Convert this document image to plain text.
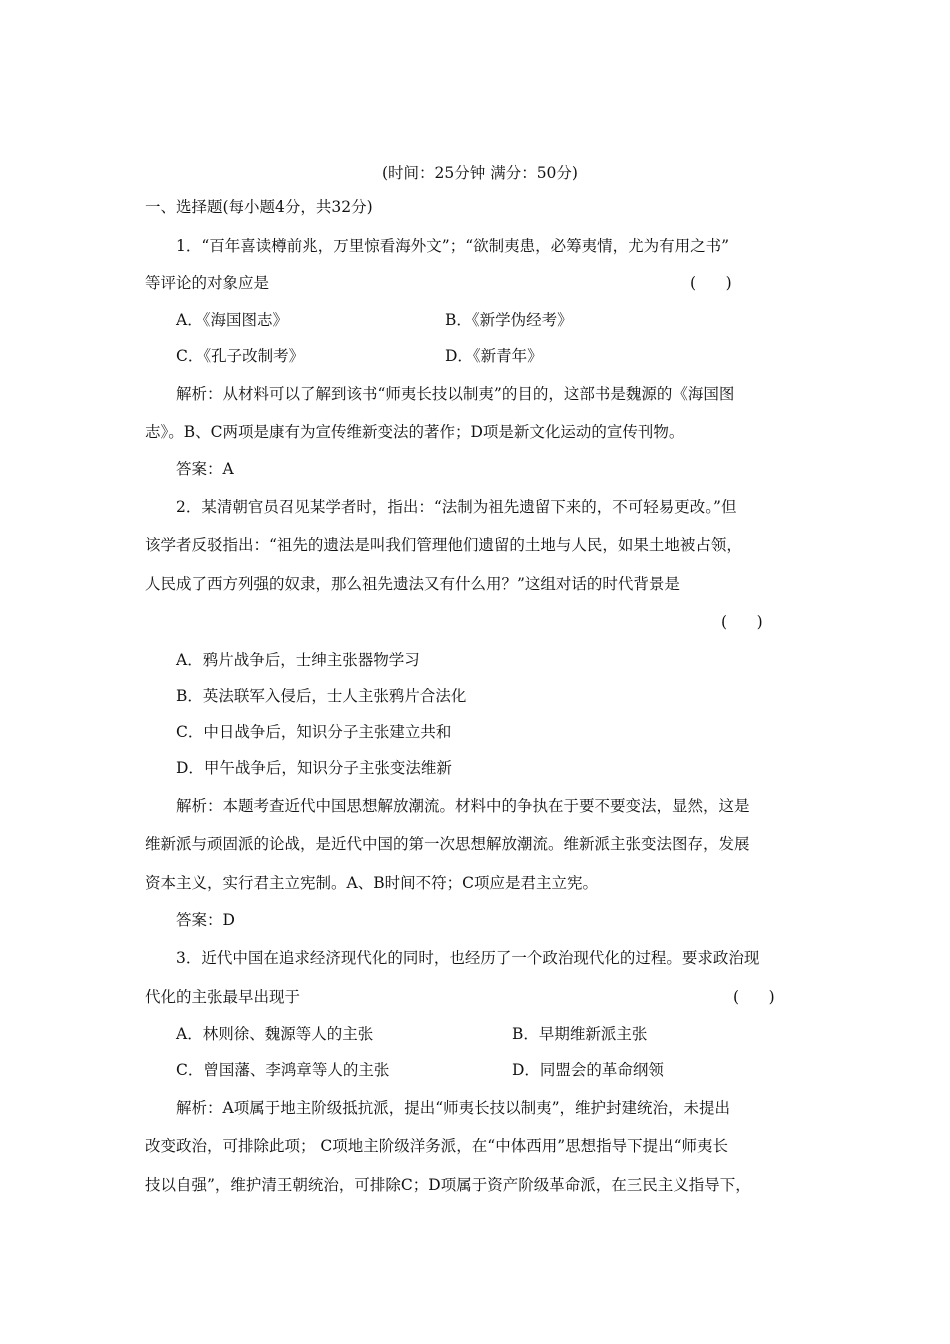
(时间：25分钟 满分：50分)
一、选择题(每小题4分，共32分)
1．“百年喜读樽前兆，万里惊看海外文”；“欲制夷患，必筹夷情，尤为有用之书”
等评论的对象应是	(      )
A．《海国图志》	B．《新学伪经考》
C．《孔子改制考》	D．《新青年》
解析：从材料可以了解到该书“师夷长技以制夷”的目的，这部书是魏源的《海国图
志》。B、C两项是康有为宣传维新变法的著作；D项是新文化运动的宣传刊物。
答案：A
2．某清朝官员召见某学者时，指出：“法制为祖先遗留下来的，不可轻易更改。”但
该学者反驳指出：“祖先的遗法是叫我们管理他们遗留的土地与人民，如果土地被占领，
人民成了西方列强的奴隶，那么祖先遗法又有什么用？”这组对话的时代背景是
(      )
A．鸦片战争后，士绅主张器物学习
B．英法联军入侵后，士人主张鸦片合法化
C．中日战争后，知识分子主张建立共和
D．甲午战争后，知识分子主张变法维新
解析：本题考查近代中国思想解放潮流。材料中的争执在于要不要变法，显然，这是
维新派与顽固派的论战，是近代中国的第一次思想解放潮流。维新派主张变法图存，发展
资本主义，实行君主立宪制。A、B时间不符；C项应是君主立宪。
答案：D
3．近代中国在追求经济现代化的同时，也经历了一个政治现代化的过程。要求政治现
代化的主张最早出现于	(      )
A．林则徐、魏源等人的主张	B．早期维新派主张
C．曾国藩、李鸿章等人的主张	D．同盟会的革命纲领
解析：A项属于地主阶级抵抗派，提出“师夷长技以制夷”，维护封建统治，未提出
改变政治，可排除此项； C项地主阶级洋务派，在“中体西用”思想指导下提出“师夷长
技以自强”，维护清王朝统治，可排除C；D项属于资产阶级革命派，在三民主义指导下，
